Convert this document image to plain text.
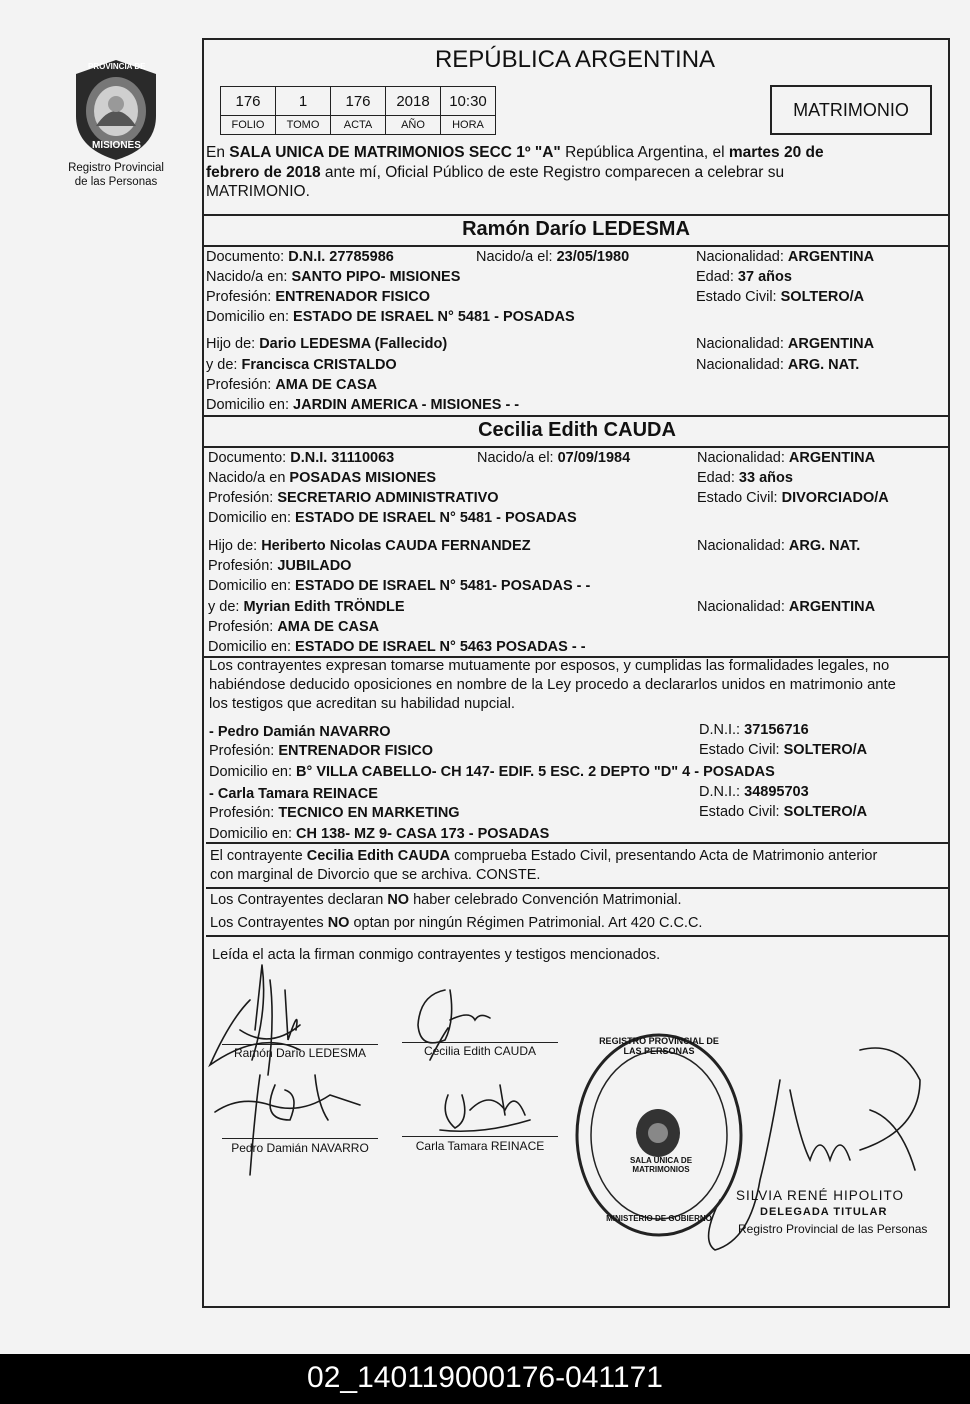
PROVINCIA DE
MISIONES
Registro Provincial
de las Personas
REPÚBLICA ARGENTINA
176	1	176	2018	10:30
FOLIO	TOMO	ACTA	AÑO	HORA
MATRIMONIO
En SALA UNICA DE MATRIMONIOS SECC 1º "A" República Argentina, el martes 20 de
febrero de 2018 ante mí, Oficial Público de este Registro comparecen a celebrar su
MATRIMONIO.
Ramón Darío LEDESMA
Documento: D.N.I. 27785986	Nacido/a el: 23/05/1980	Nacionalidad: ARGENTINA
Nacido/a en: SANTO PIPO- MISIONES	Edad: 37 años
Profesión: ENTRENADOR FISICO	Estado Civil: SOLTERO/A
Domicilio en: ESTADO DE ISRAEL N° 5481 - POSADAS
Hijo de: Dario LEDESMA (Fallecido)	Nacionalidad: ARGENTINA
y de: Francisca CRISTALDO	Nacionalidad: ARG. NAT.
Profesión: AMA DE CASA
Domicilio en: JARDIN AMERICA - MISIONES - -
Cecilia Edith CAUDA
Documento: D.N.I. 31110063	Nacido/a el: 07/09/1984	Nacionalidad: ARGENTINA
Nacido/a en POSADAS MISIONES	Edad: 33 años
Profesión: SECRETARIO ADMINISTRATIVO	Estado Civil: DIVORCIADO/A
Domicilio en: ESTADO DE ISRAEL N° 5481 - POSADAS
Hijo de: Heriberto Nicolas CAUDA FERNANDEZ	Nacionalidad: ARG. NAT.
Profesión: JUBILADO
Domicilio en: ESTADO DE ISRAEL N° 5481- POSADAS - -
y de: Myrian Edith TRÖNDLE	Nacionalidad: ARGENTINA
Profesión: AMA DE CASA
Domicilio en: ESTADO DE ISRAEL N° 5463 POSADAS - -
Los contrayentes expresan tomarse mutuamente por esposos, y cumplidas las formalidades legales, no
habiéndose deducido oposiciones en nombre de la Ley procedo a declararlos unidos en matrimonio ante
los testigos que acreditan su habilidad nupcial.
- Pedro Damián NAVARRO	D.N.I.: 37156716
Profesión: ENTRENADOR FISICO	Estado Civil: SOLTERO/A
Domicilio en: B° VILLA CABELLO- CH 147- EDIF. 5 ESC. 2 DEPTO "D" 4 - POSADAS
- Carla Tamara REINACE	D.N.I.: 34895703
Profesión: TECNICO EN MARKETING	Estado Civil: SOLTERO/A
Domicilio en: CH 138- MZ 9- CASA 173 - POSADAS
El contrayente Cecilia Edith CAUDA comprueba Estado Civil, presentando Acta de Matrimonio anterior
con marginal de Divorcio que se archiva. CONSTE.
Los Contrayentes declaran NO haber celebrado Convención Matrimonial.
Los Contrayentes NO optan por ningún Régimen Patrimonial. Art 420 C.C.C.
Leída el acta la firman conmigo contrayentes y testigos mencionados.
Ramón Darío LEDESMA	Cecilia Edith CAUDA
Pedro Damián NAVARRO	Carla Tamara REINACE
REGISTRO PROVINCIAL DE LAS PERSONAS
SALA UNICA DE MATRIMONIOS
MINISTERIO DE GOBIERNO
SILVIA RENÉ HIPOLITO
DELEGADA TITULAR
Registro Provincial de las Personas
02_140119000176-041171
